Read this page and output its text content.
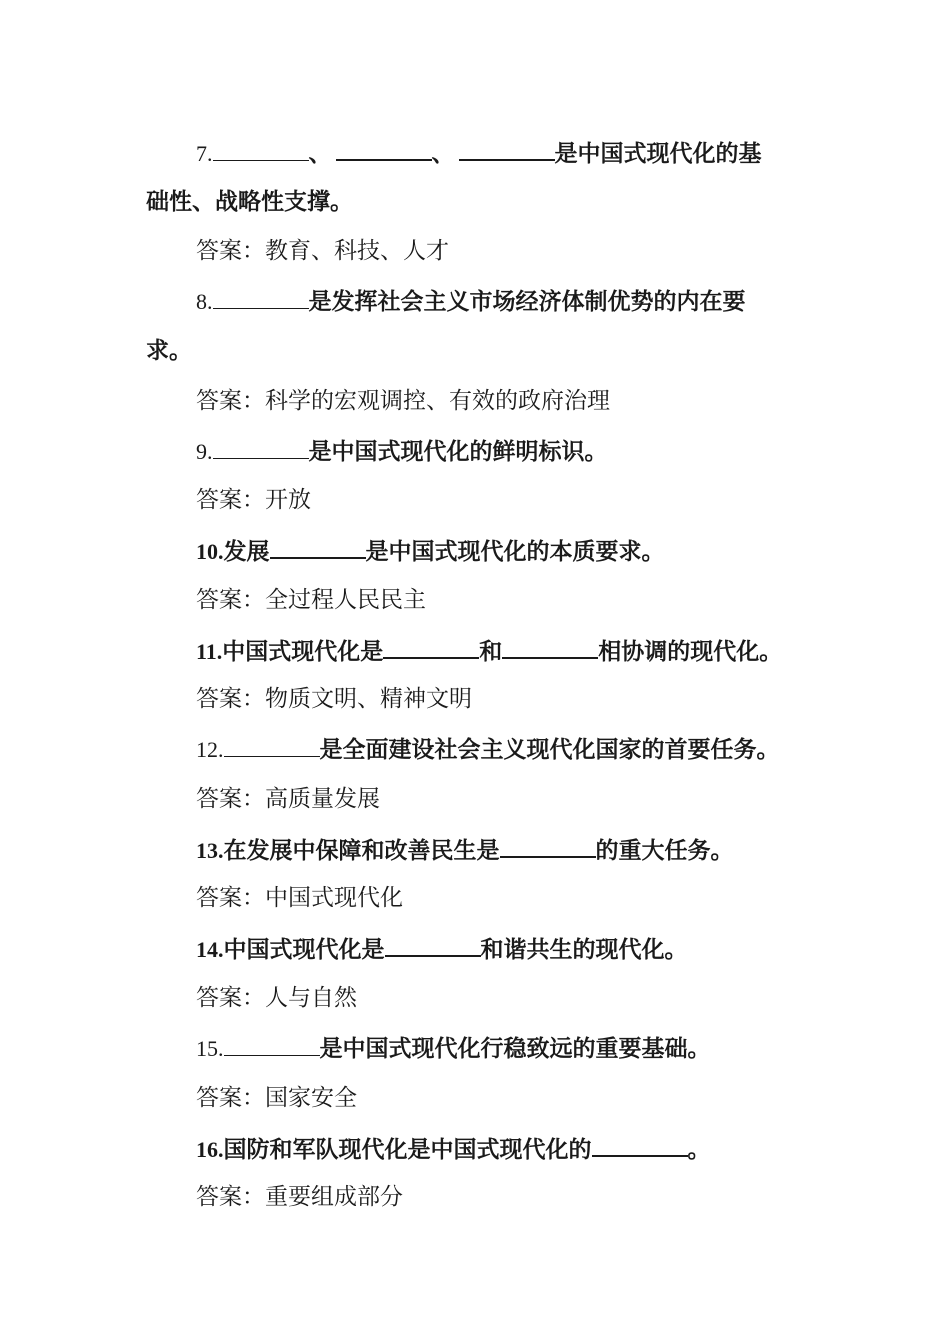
7.	、	、	是中国式现代化的基
础性、战略性支撑。
答案：教育、科技、人才
8.	是发挥社会主义市场经济体制优势的内在要
求。
答案：科学的宏观调控、有效的政府治理
9.	是中国式现代化的鲜明标识。
答案：开放
10.发展	是中国式现代化的本质要求。
答案：全过程人民民主
11.中国式现代化是	和	相协调的现代化。
答案：物质文明、精神文明
12.	是全面建设社会主义现代化国家的首要任务。
答案：高质量发展
13.在发展中保障和改善民生是	的重大任务。
答案：中国式现代化
14.中国式现代化是	和谐共生的现代化。
答案：人与自然
15.	是中国式现代化行稳致远的重要基础。
答案：国家安全
16.国防和军队现代化是中国式现代化的	。
答案：重要组成部分
